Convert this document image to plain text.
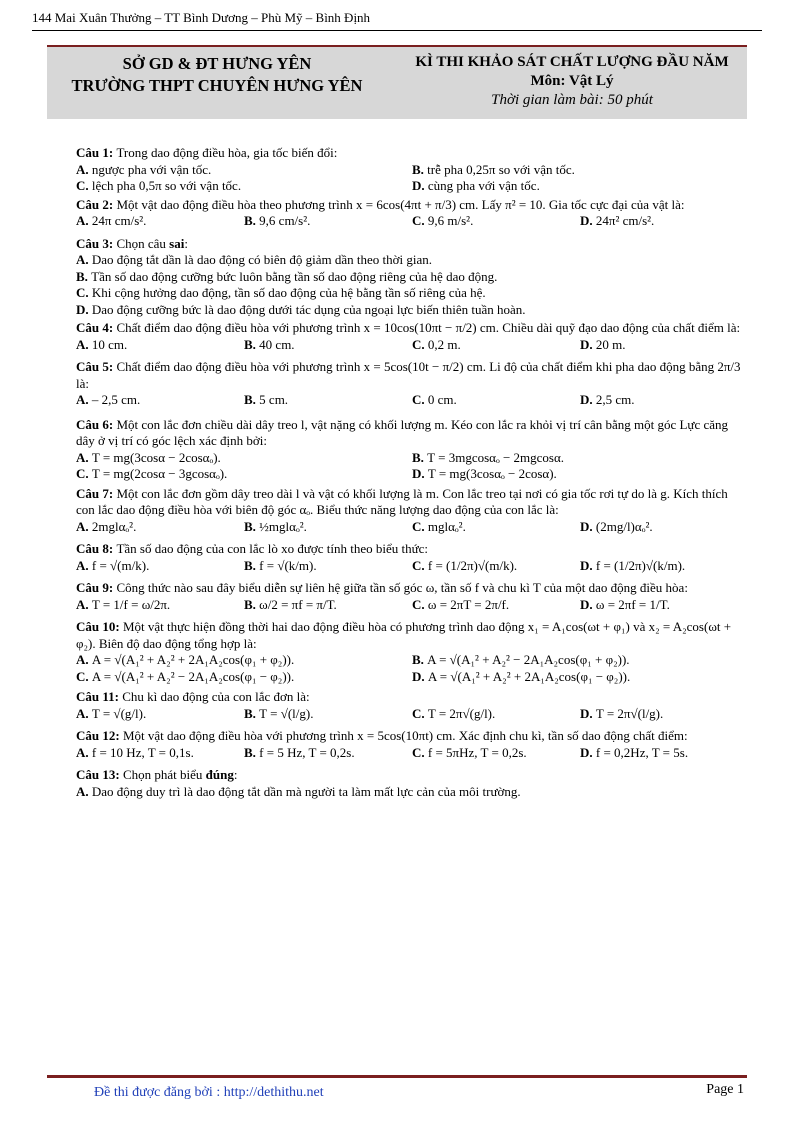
144 Mai Xuân Thưởng – TT Bình Dương – Phù Mỹ – Bình Định
SỞ GD & ĐT HƯNG YÊN
TRƯỜNG THPT CHUYÊN HƯNG YÊN
KÌ THI KHẢO SÁT CHẤT LƯỢNG ĐẦU NĂM
Môn: Vật Lý
Thời gian làm bài: 50 phút
Câu 1: Trong dao động điều hòa, gia tốc biến đổi:
A. ngược pha với vận tốc.	B. trễ pha 0,25π so với vận tốc.
C. lệch pha 0,5π so với vận tốc.	D. cùng pha với vận tốc.
Câu 2: Một vật dao động điều hòa theo phương trình x = 6cos(4πt + π/3) cm. Lấy π² = 10. Gia tốc cực đại của vật là:
A. 24π cm/s².	B. 9,6 cm/s².	C. 9,6 m/s².	D. 24π² cm/s².
Câu 3: Chọn câu sai:
A. Dao động tắt dần là dao động có biên độ giảm dần theo thời gian.
B. Tần số dao động cưỡng bức luôn bằng tần số dao động riêng của hệ dao động.
C. Khi cộng hưởng dao động, tần số dao động của hệ bằng tần số riêng của hệ.
D. Dao động cưỡng bức là dao động dưới tác dụng của ngoại lực biến thiên tuần hoàn.
Câu 4: Chất điểm dao động điều hòa với phương trình x = 10cos(10πt − π/2) cm. Chiều dài quỹ đạo dao động của chất điểm là:
A. 10 cm.	B. 40 cm.	C. 0,2 m.	D. 20 m.
Câu 5: Chất điểm dao động điều hòa với phương trình x = 5cos(10t − π/2) cm. Li độ của chất điểm khi pha dao động bằng 2π/3 là:
A. – 2,5 cm.	B. 5 cm.	C. 0 cm.	D. 2,5 cm.
Câu 6: Một con lắc đơn chiều dài dây treo l, vật nặng có khối lượng m. Kéo con lắc ra khỏi vị trí cân bằng một góc Lực căng dây ở vị trí có góc lệch xác định bởi:
A. T = mg(3cosα − 2cosαₒ).	B. T = 3mgcosαₒ − 2mgcosα.
C. T = mg(2cosα − 3gcosαₒ).	D. T = mg(3cosαₒ − 2cosα).
Câu 7: Một con lắc đơn gồm dây treo dài l và vật có khối lượng là m. Con lắc treo tại nơi có gia tốc rơi tự do là g. Kích thích con lắc dao động điều hòa với biên độ góc αₒ. Biểu thức năng lượng dao động của con lắc là:
A. 2mglαₒ².	B. ½mglαₒ².	C. mglαₒ².	D. (2mg/l)αₒ².
Câu 8: Tần số dao động của con lắc lò xo được tính theo biểu thức:
A. f = √(m/k).	B. f = √(k/m).	C. f = (1/2π)√(m/k).	D. f = (1/2π)√(k/m).
Câu 9: Công thức nào sau đây biểu diễn sự liên hệ giữa tần số góc ω, tần số f và chu kì T của một dao động điều hòa:
A. T = 1/f = ω/2π.	B. ω/2 = πf = π/T.	C. ω = 2πT = 2π/f.	D. ω = 2πf = 1/T.
Câu 10: Một vật thực hiện đồng thời hai dao động điều hòa có phương trình dao động x₁ = A₁cos(ωt + φ₁) và x₂ = A₂cos(ωt + φ₂). Biên độ dao động tổng hợp là:
A. A = √(A₁² + A₂² + 2A₁A₂cos(φ₁ + φ₂)).	B. A = √(A₁² + A₂² − 2A₁A₂cos(φ₁ + φ₂)).
C. A = √(A₁² + A₂² − 2A₁A₂cos(φ₁ − φ₂)).	D. A = √(A₁² + A₂² + 2A₁A₂cos(φ₁ − φ₂)).
Câu 11: Chu kì dao động của con lắc đơn là:
A. T = √(g/l).	B. T = √(l/g).	C. T = 2π√(g/l).	D. T = 2π√(l/g).
Câu 12: Một vật dao động điều hòa với phương trình x = 5cos(10πt) cm. Xác định chu kì, tần số dao động chất điểm:
A. f = 10 Hz, T = 0,1s.	B. f = 5 Hz, T = 0,2s.	C. f = 5πHz, T = 0,2s.	D. f = 0,2Hz, T = 5s.
Câu 13: Chọn phát biểu đúng:
A. Dao động duy trì là dao động tắt dần mà người ta làm mất lực cản của môi trường.
Đề thi được đăng bởi : http://dethithu.net	Page 1
